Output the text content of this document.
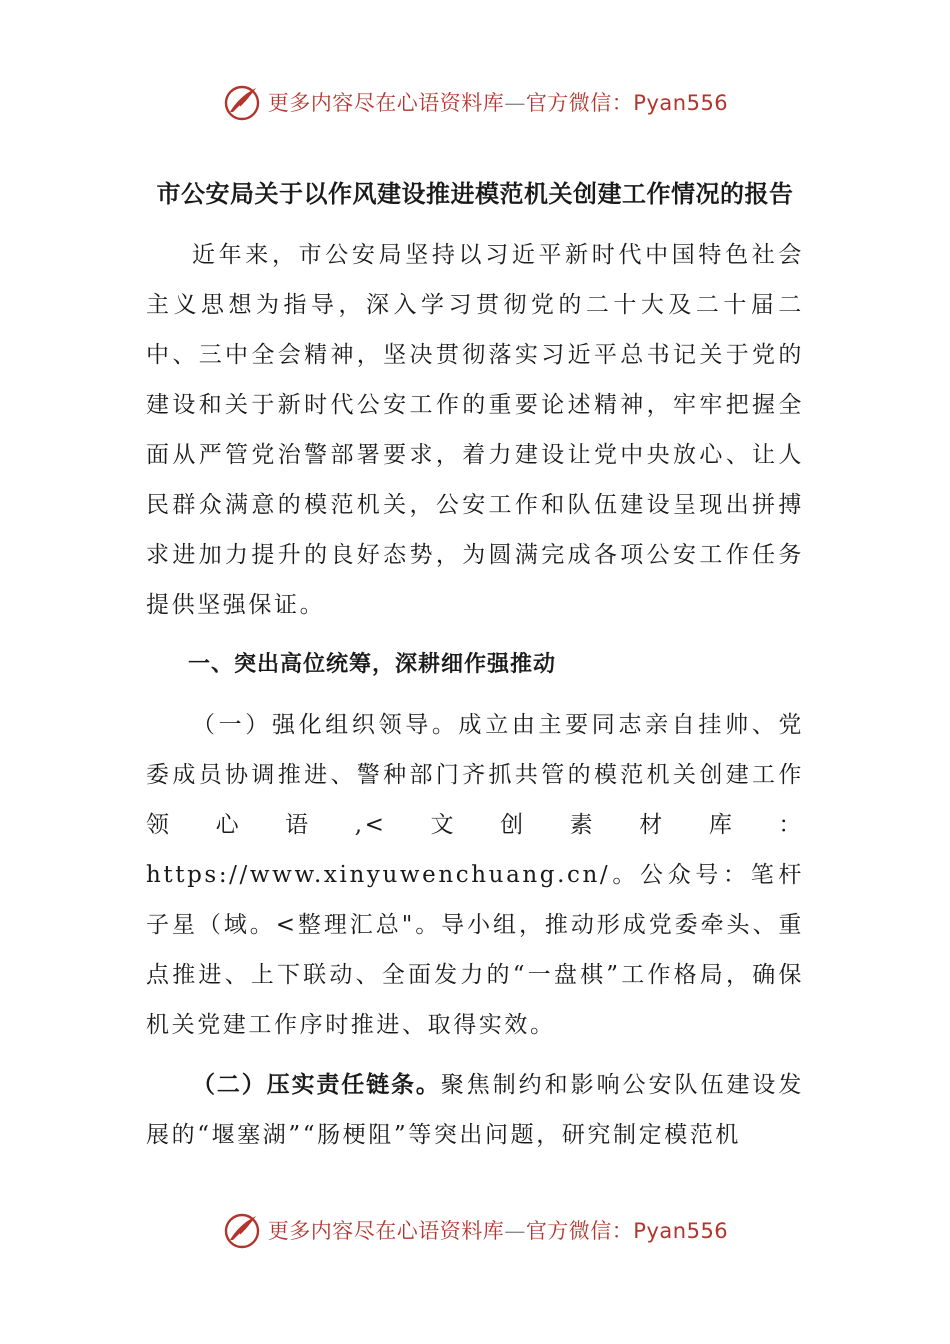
更多内容尽在心语资料库—官方微信：Pyan556
市公安局关于以作风建设推进模范机关创建工作情况的报告

近年来，市公安局坚持以习近平新时代中国特色社会主义思想为指导，深入学习贯彻党的二十大及二十届二中、三中全会精神，坚决贯彻落实习近平总书记关于党的建设和关于新时代公安工作的重要论述精神，牢牢把握全面从严管党治警部署要求，着力建设让党中央放心、让人民群众满意的模范机关，公安工作和队伍建设呈现出拼搏求进加力提升的良好态势，为圆满完成各项公安工作任务提供坚强保证。

一、突出高位统筹，深耕细作强推动

（一）强化组织领导。成立由主要同志亲自挂帅、党委成员协调推进、警种部门齐抓共管的模范机关创建工作领心语,<文创素材库：https://www.xinyuwenchuang.cn/。公众号：笔杆子星（域。<整理汇总"。导小组，推动形成党委牵头、重点推进、上下联动、全面发力的“一盘棋”工作格局，确保机关党建工作序时推进、取得实效。

（二）压实责任链条。聚焦制约和影响公安队伍建设发展的“堰塞湖”“肠梗阻”等突出问题，研究制定模范机

更多内容尽在心语资料库—官方微信：Pyan556
